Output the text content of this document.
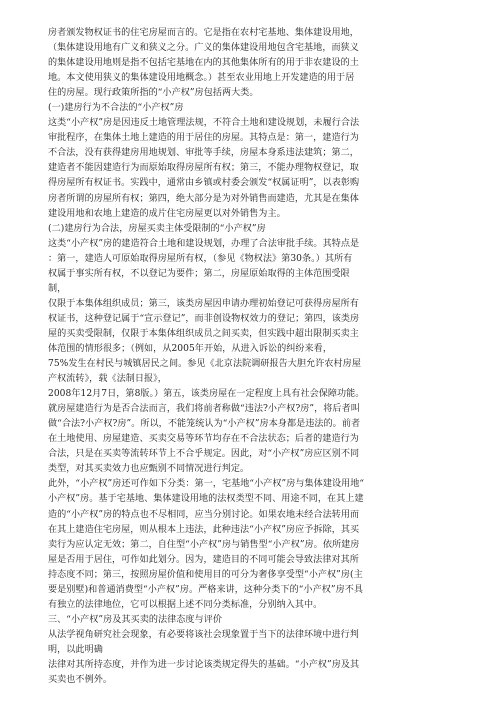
房者颁发物权证书的住宅房屋而言的。它是指在农村宅基地、集体建设用地，
（集体建设用地有广义和狭义之分。广义的集体建设用地包含宅基地，而狭义
的集体建设用地则是指不包括宅基地在内的其他集体所有的用于非农建设的土
地。本文使用狭义的集体建设用地概念。）甚至农业用地上开发建造的用于居
住的房屋。现行政策所指的“小产权”房包括两大类。
(一)建房行为不合法的“小产权”房
这类“小产权”房是因违反土地管理法规，不符合土地和建设规划，未履行合法
审批程序，在集体土地上建造的用于居住的房屋。其特点是：第一，建造行为
不合法，没有获得建房用地规划、审批等手续，房屋本身系违法建筑；第二，
建造者不能因建造行为而原始取得房屋所有权；第三，不能办理物权登记，取
得房屋所有权证书。实践中，通常由乡镇或村委会颁发“权属证明”，以表彰购
房者所谓的房屋所有权；第四，绝大部分是为对外销售而建造，尤其是在集体
建设用地和农地上建造的成片住宅房屋更以对外销售为主。
(二)建房行为合法，房屋买卖主体受限制的“小产权”房
这类“小产权”房的建造符合土地和建设规划，办理了合法审批手续。其特点是
：第一，建造人可原始取得房屋所有权，（参见《物权法》第30条。）其所有
权属于事实所有权，不以登记为要件；第二，房屋原始取得的主体范围受限
制，
仅限于本集体组织成员；第三，该类房屋因申请办理初始登记可获得房屋所有
权证书，这种登记属于“宣示登记”，而非创设物权效力的登记；第四，该类房
屋的买卖受限制，仅限于本集体组织成员之间买卖，但实践中超出限制买卖主
体范围的情形很多；（例如，从2005年开始，从进入诉讼的纠纷来看，
75%发生在村民与城镇居民之间。参见《北京法院调研报告大胆允许农村房屋
产权流转》，载《法制日报》，
2008年12月7日，第8版。）第五，该类房屋在一定程度上具有社会保障功能。
就房屋建造行为是否合法而言，我们将前者称做“违法?小产权?房”，将后者叫
做“合法?小产权?房”。所以，不能笼统认为“小产权”房本身都是违法的。前者
在土地使用、房屋建造、买卖交易等环节均存在不合法状态；后者的建造行为
合法，只是在买卖等流转环节上不合乎规定。因此，对“小产权”房应区别不同
类型，对其买卖效力也应甄别不同情况进行判定。
此外，“小产权”房还可作如下分类：第一，宅基地“小产权”房与集体建设用地“
小产权”房。基于宅基地、集体建设用地的法权类型不同、用途不同，在其上建
造的“小产权”房的特点也不尽相同，应当分别讨论。如果农地未经合法转用而
在其上建造住宅房屋，则从根本上违法，此种违法“小产权”房应予拆除，其买
卖行为应认定无效；第二，自住型“小产权”房与销售型“小产权”房。依所建房
屋是否用于居住，可作如此划分。因为，建造目的不同可能会导致法律对其所
持态度不同；第三，按照房屋价值和使用目的可分为奢侈享受型“小产权”房(主
要是别墅)和普通消费型“小产权”房。严格来讲，这种分类下的“小产权”房不具
有独立的法律地位，它可以根据上述不同分类标准，分别纳入其中。
三、“小产权”房及其买卖的法律态度与评价
从法学视角研究社会现象，有必要将该社会现象置于当下的法律环境中进行判
明，以此明确
法律对其所持态度，并作为进一步讨论该类规定得失的基础。“小产权”房及其
买卖也不例外。
